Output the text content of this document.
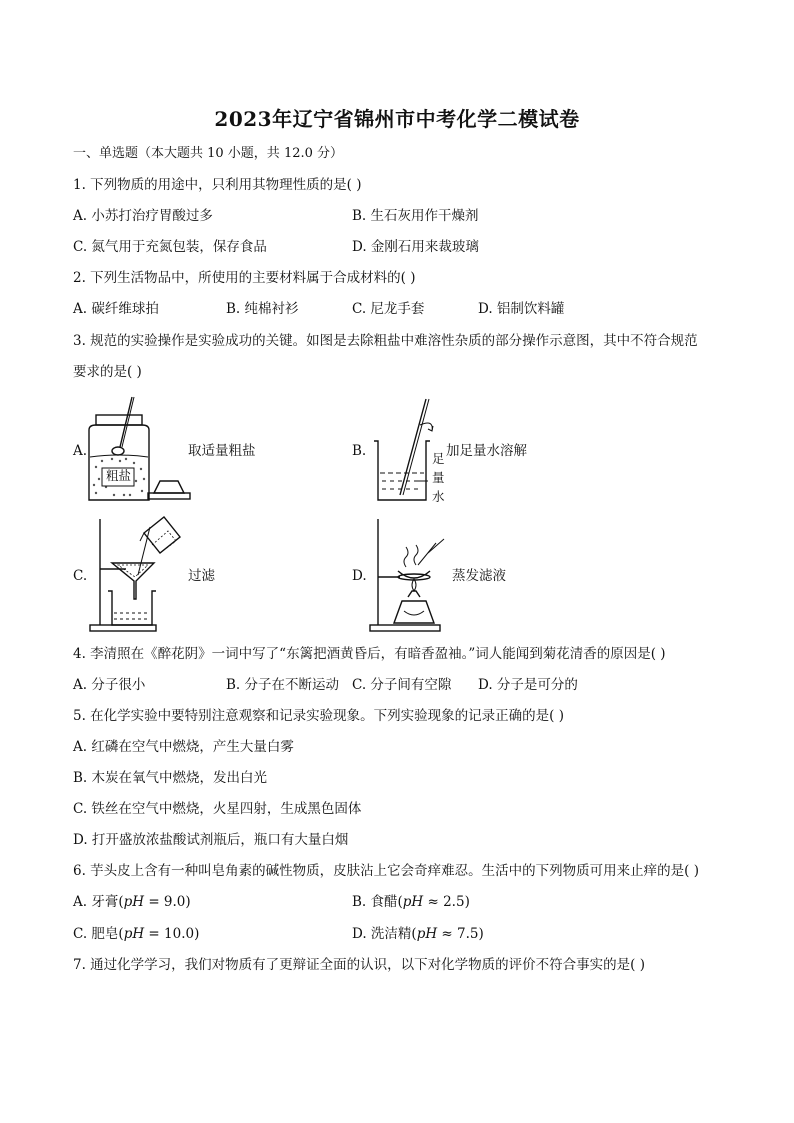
2023年辽宁省锦州市中考化学二模试卷
一、单选题（本大题共 10 小题，共 12.0 分）
1. 下列物质的用途中，只利用其物理性质的是( )
A. 小苏打治疗胃酸过多	B. 生石灰用作干燥剂
C. 氮气用于充氮包装，保存食品	D. 金刚石用来裁玻璃
2. 下列生活物品中，所使用的主要材料属于合成材料的( )
A. 碳纤维球拍	B. 纯棉衬衫	C. 尼龙手套	D. 铝制饮料罐
3. 规范的实验操作是实验成功的关键。如图是去除粗盐中难溶性杂质的部分操作示意图，其中不符合规范
要求的是( )
A.
粗盐
取适量粗盐	B.	加足量水溶解
足
量
水
C.	过滤	D.	蒸发滤液
4. 李清照在《醉花阴》一词中写了“东篱把酒黄昏后，有暗香盈袖。”词人能闻到菊花清香的原因是( )
A. 分子很小	B. 分子在不断运动 C. 分子间有空隙 D. 分子是可分的
5. 在化学实验中要特别注意观察和记录实验现象。下列实验现象的记录正确的是( )
A. 红磷在空气中燃烧，产生大量白雾
B. 木炭在氧气中燃烧，发出白光
C. 铁丝在空气中燃烧，火星四射，生成黑色固体
D. 打开盛放浓盐酸试剂瓶后，瓶口有大量白烟
6. 芋头皮上含有一种叫皂角素的碱性物质，皮肤沾上它会奇痒难忍。生活中的下列物质可用来止痒的是( )
A. 牙膏(pH = 9.0)	B. 食醋(pH ≈ 2.5)
C. 肥皂(pH = 10.0)	D. 洗洁精(pH ≈ 7.5)
7. 通过化学学习，我们对物质有了更辩证全面的认识，以下对化学物质的评价不符合事实的是( )
